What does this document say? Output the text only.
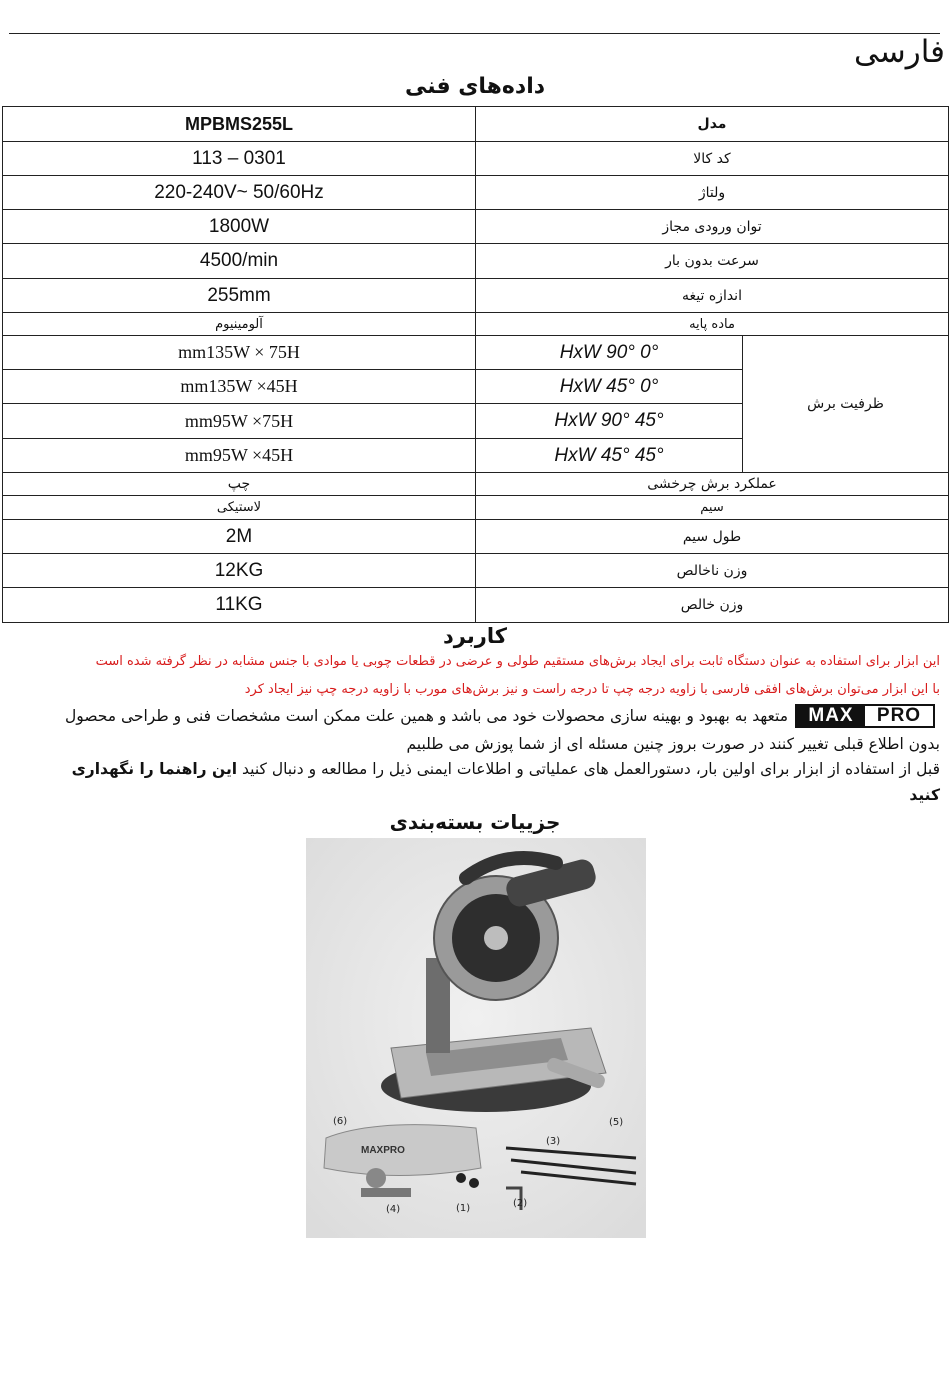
فارسی
داده‌های فنی
MPBMS255L	مدل	
113 – 0301	کد کالا	
220-240V~ 50/60Hz	ولتاژ	
1800W	توان ورودی مجاز	
4500/min	سرعت بدون بار	
255mm	اندازه تیغه	
آلومینیوم	ماده پایه	
mm135W × 75H	HxW 90° 0°	ظرفیت برش
mm135W ×45H	HxW 45° 0°	
mm95W ×75H	HxW 90° 45°	
mm95W ×45H	HxW 45° 45°	
چپ	عملکرد برش چرخشی	
لاستیکی	سیم	
2M	طول سیم	
12KG	وزن ناخالص	
11KG	وزن خالص	
کاربرد
این ابزار برای استفاده به عنوان دستگاه ثابت برای ایجاد برش‌های مستقیم طولی و عرضی در قطعات چوبی یا موادی با جنس مشابه در نظر گرفته شده است
با این ابزار می‌توان برش‌های افقی فارسی با زاویه درجه چپ تا درجه راست و نیز برش‌های مورب با زاویه درجه چپ نیز ایجاد کرد
MAX	PRO
متعهد به بهبود و بهینه سازی محصولات خود می باشد و همین علت ممکن است مشخصات فنی و طراحی محصول
بدون اطلاع قبلی تغییر کنند در صورت بروز چنین مسئله ای از شما پوزش می طلبیم
قبل از استفاده از ابزار برای اولین بار، دستورالعمل های عملیاتی و اطلاعات ایمنی ذیل را مطالعه و دنبال کنید این راهنما را نگهداری
کنید
جزییات بسته‌بندی
MAXPRO
(1)	(2)
(3)
(4)
(5)
(6)
